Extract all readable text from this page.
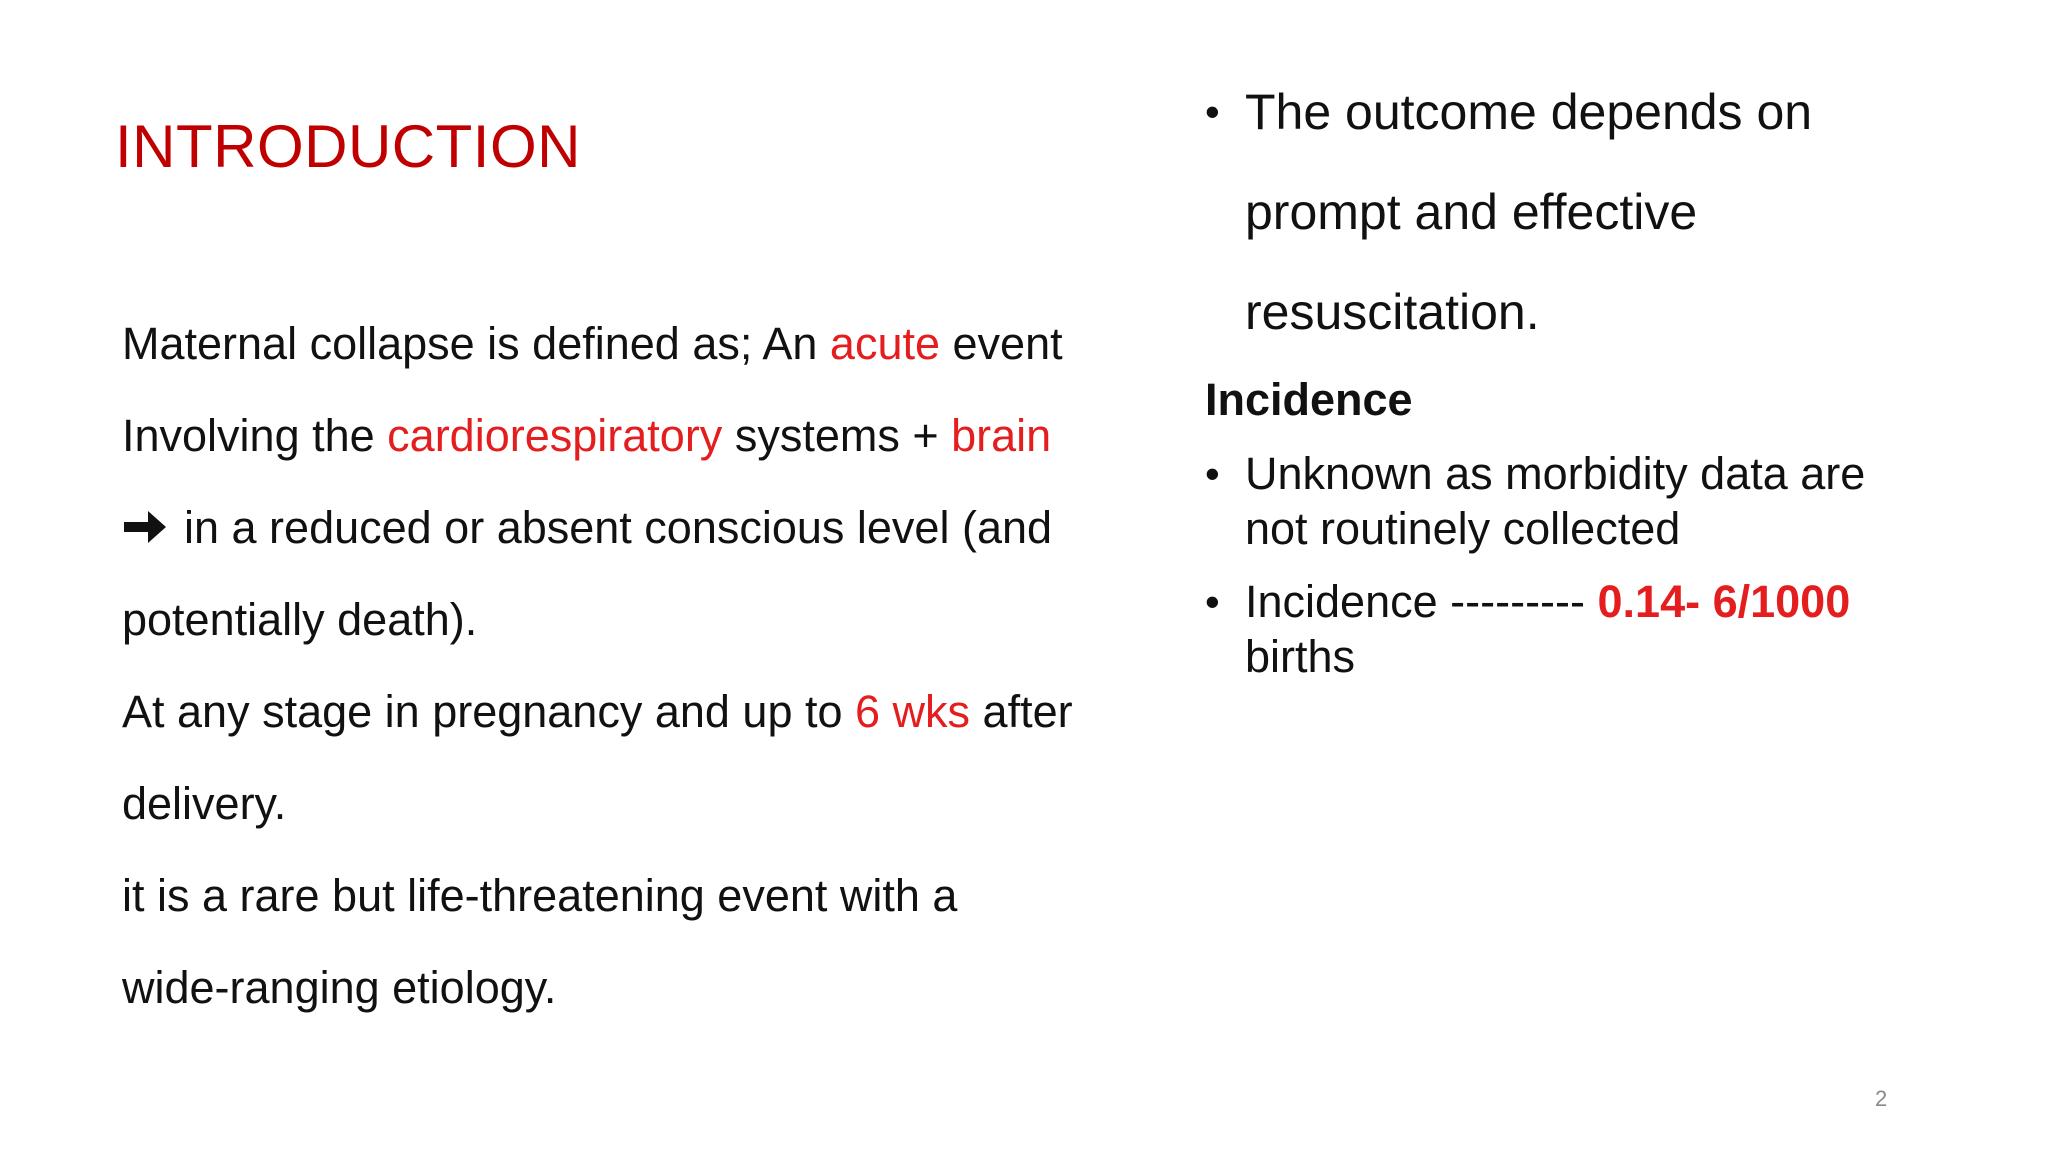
INTRODUCTION
Maternal collapse is defined as; An acute event
Involving the cardiorespiratory systems + brain
in a reduced or absent conscious level (and
potentially death).
At any stage in pregnancy and up to 6 wks after
delivery.
it is a rare but life-threatening event with a
wide-ranging etiology.
• The outcome depends on
prompt and effective
resuscitation.
Incidence
• Unknown as morbidity data are
not routinely collected
• Incidence --------- 0.14- 6/1000
births
2
